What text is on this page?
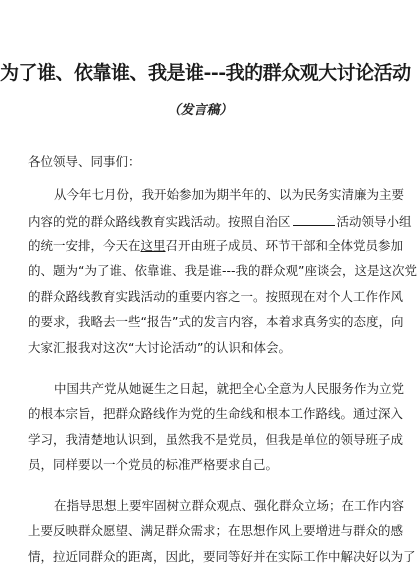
为了谁、依靠谁、我是谁---我的群众观大讨论活动
（发言稿）
各位领导、同事们：
从今年七月份，我开始参加为期半年的、以为民务实清廉为主要
内容的党的群众路线教育实践活动。按照自治区	活动领导小组
的统一安排，今天在这里召开由班子成员、环节干部和全体党员参加
的、题为“为了谁、依靠谁、我是谁---我的群众观”座谈会，这是这次党
的群众路线教育实践活动的重要内容之一。按照现在对个人工作作风
的要求，我略去一些“报告”式的发言内容，本着求真务实的态度，向
大家汇报我对这次“大讨论活动”的认识和体会。
中国共产党从她诞生之日起，就把全心全意为人民服务作为立党
的根本宗旨，把群众路线作为党的生命线和根本工作路线。通过深入
学习，我清楚地认识到，虽然我不是党员，但我是单位的领导班子成
员，同样要以一个党员的标准严格要求自己。
在指导思想上要牢固树立群众观点、强化群众立场；在工作内容
上要反映群众愿望、满足群众需求；在思想作风上要增进与群众的感
情，拉近同群众的距离，因此，要同等好并在实际工作中解决好以为了
